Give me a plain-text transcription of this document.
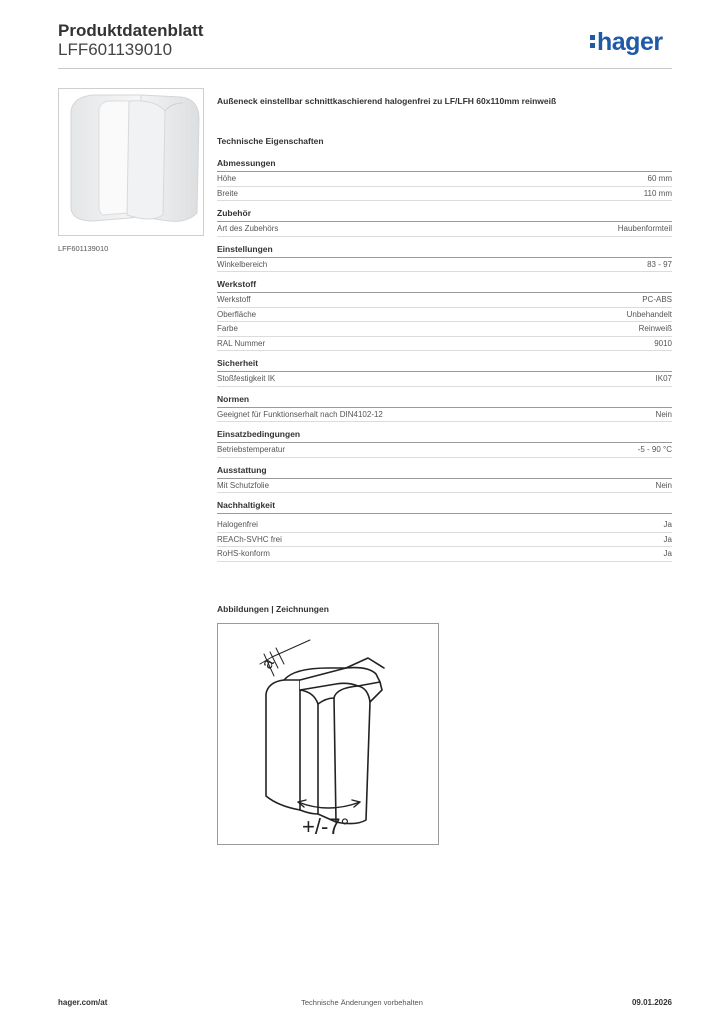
Produktdatenblatt
LFF601139010	hager
LFF601139010
Außeneck einstellbar schnittkaschierend halogenfrei zu LF/LFH 60x110mm reinweiß
Technische Eigenschaften
Abmessungen
Höhe	60 mm
Breite	110 mm
Zubehör
Art des Zubehörs	Haubenformteil
Einstellungen
Winkelbereich	83 - 97
Werkstoff
Werkstoff	PC-ABS
Oberfläche	Unbehandelt
Farbe	Reinweiß
RAL Nummer	9010
Sicherheit
Stoßfestigkeit IK	IK07
Normen
Geeignet für Funktionserhalt nach DIN4102-12	Nein
Einsatzbedingungen
Betriebstemperatur	-5 - 90 °C
Ausstattung
Mit Schutzfolie	Nein
Nachhaltigkeit
Halogenfrei	Ja
REACh-SVHC frei	Ja
RoHS-konform	Ja
Abbildungen | Zeichnungen
a
+/-7°
hager.com/at	Technische Änderungen vorbehalten	09.01.2026
